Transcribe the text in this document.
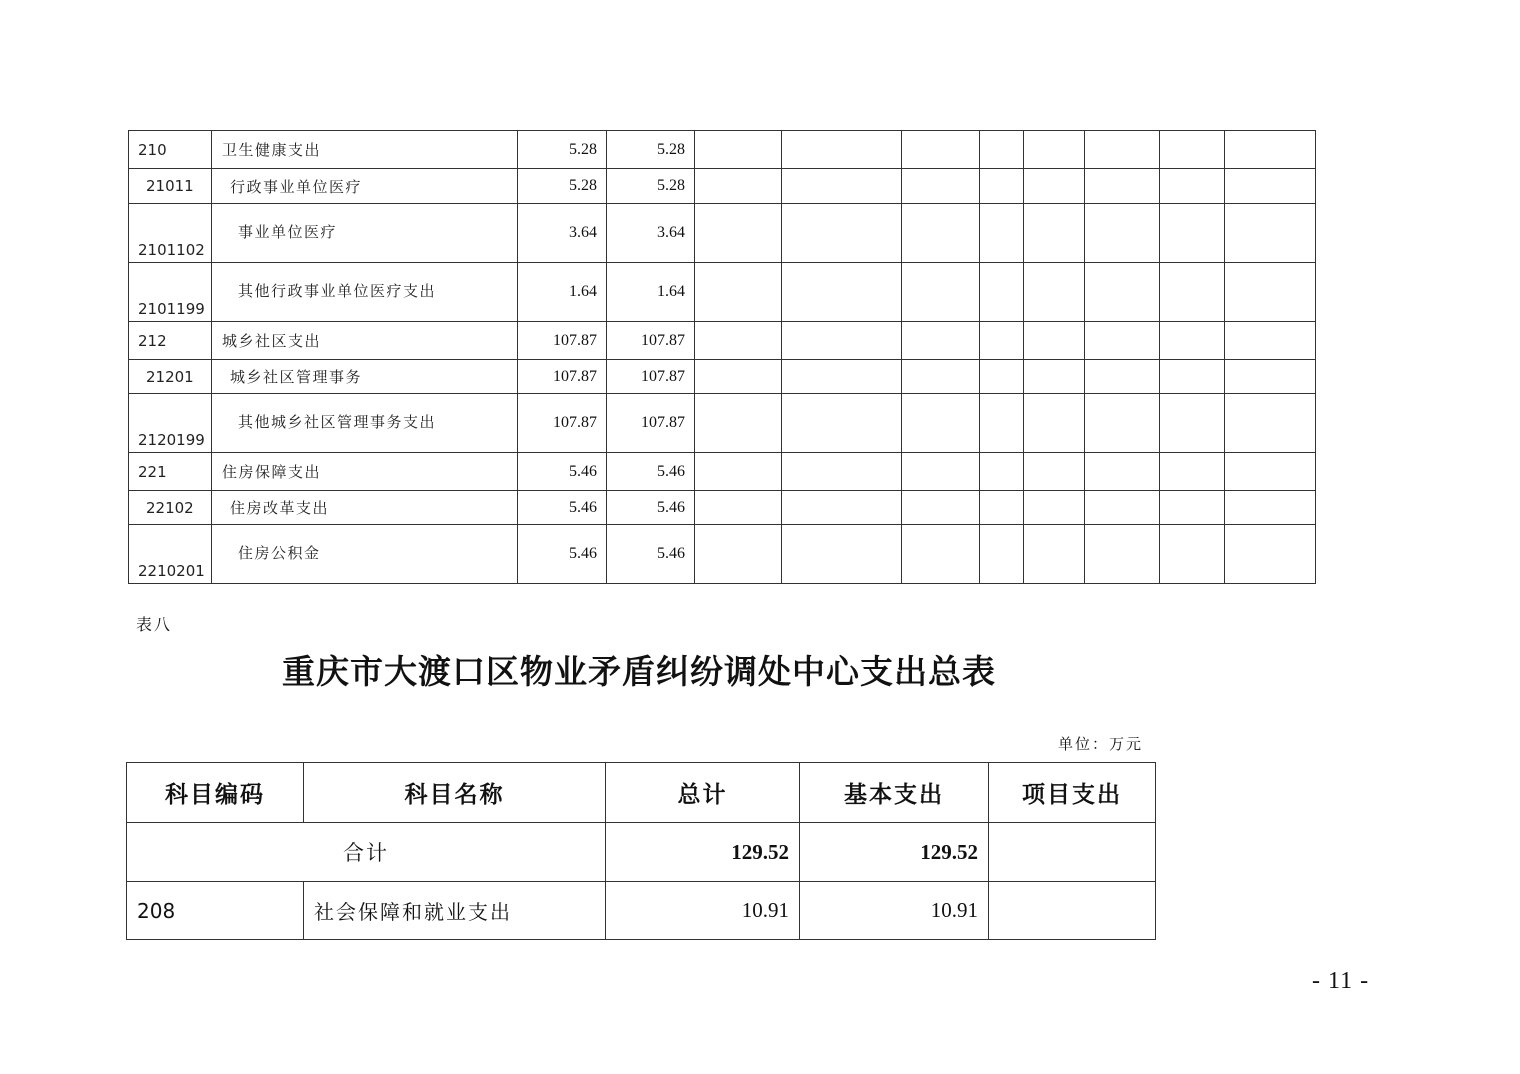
210	卫生健康支出	5.28	5.28								
21011	行政事业单位医疗	5.28	5.28								
2101102	事业单位医疗	3.64	3.64								
2101199	其他行政事业单位医疗支出	1.64	1.64								
212	城乡社区支出	107.87	107.87								
21201	城乡社区管理事务	107.87	107.87								
2120199	其他城乡社区管理事务支出	107.87	107.87								
221	住房保障支出	5.46	5.46								
22102	住房改革支出	5.46	5.46								
2210201	住房公积金	5.46	5.46								
表八
重庆市大渡口区物业矛盾纠纷调处中心支出总表
单位：万元
科目编码	科目名称	总计	基本支出	项目支出
合计		129.52	129.52	
208	社会保障和就业支出	10.91	10.91	
- 11 -
